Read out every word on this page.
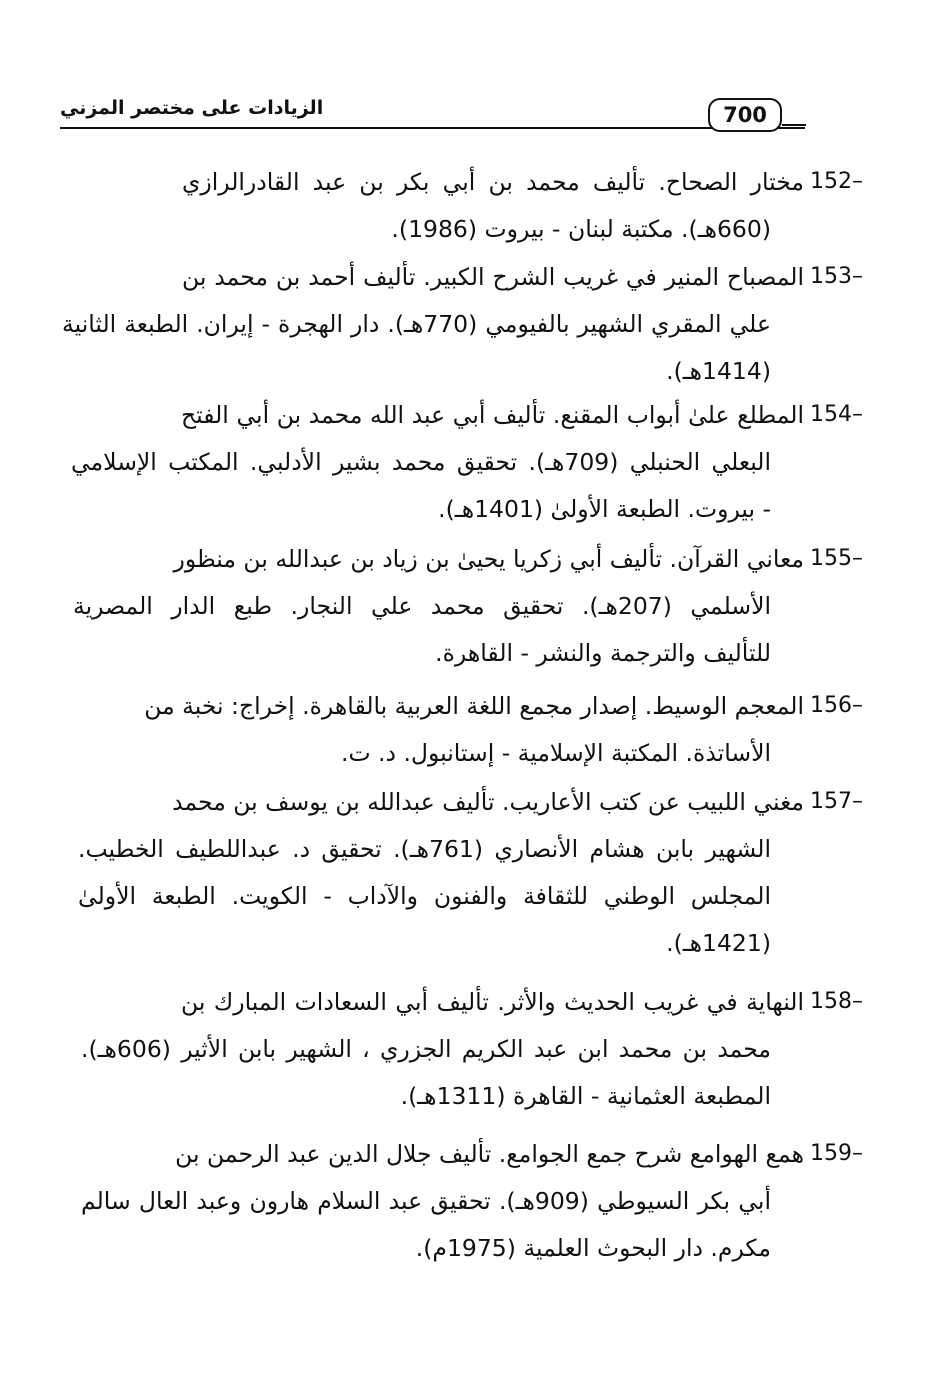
الزيادات على مختصر المزني	700
152–
مختار الصحاح. تأليف محمد بن أبي بكر بن عبد القادرالرازي
(660هـ). مكتبة لبنان - بيروت (1986).
153–
المصباح المنير في غريب الشرح الكبير. تأليف أحمد بن محمد بن
علي المقري الشهير بالفيومي (770هـ). دار الهجرة - إيران. الطبعة الثانية
(1414هـ).
154–
المطلع علىٰ أبواب المقنع. تأليف أبي عبد الله محمد بن أبي الفتح
البعلي الحنبلي (709هـ). تحقيق محمد بشير الأدلبي. المكتب الإسلامي
- بيروت. الطبعة الأولىٰ (1401هـ).
155–
معاني القرآن. تأليف أبي زكريا يحيىٰ بن زياد بن عبدالله بن منظور
الأسلمي (207هـ). تحقيق محمد علي النجار. طبع الدار المصرية
للتأليف والترجمة والنشر - القاهرة.
156–
المعجم الوسيط. إصدار مجمع اللغة العربية بالقاهرة. إخراج: نخبة من
الأساتذة. المكتبة الإسلامية - إستانبول. د. ت.
157–
مغني اللبيب عن كتب الأعاريب. تأليف عبدالله بن يوسف بن محمد
الشهير بابن هشام الأنصاري (761هـ). تحقيق د. عبداللطيف الخطيب.
المجلس الوطني للثقافة والفنون والآداب - الكويت. الطبعة الأولىٰ
(1421هـ).
158–
النهاية في غريب الحديث والأثر. تأليف أبي السعادات المبارك بن
محمد بن محمد ابن عبد الكريم الجزري ، الشهير بابن الأثير (606هـ).
المطبعة العثمانية - القاهرة (1311هـ).
159–
همع الهوامع شرح جمع الجوامع. تأليف جلال الدين عبد الرحمن بن
أبي بكر السيوطي (909هـ). تحقيق عبد السلام هارون وعبد العال سالم
مكرم. دار البحوث العلمية (1975م).
